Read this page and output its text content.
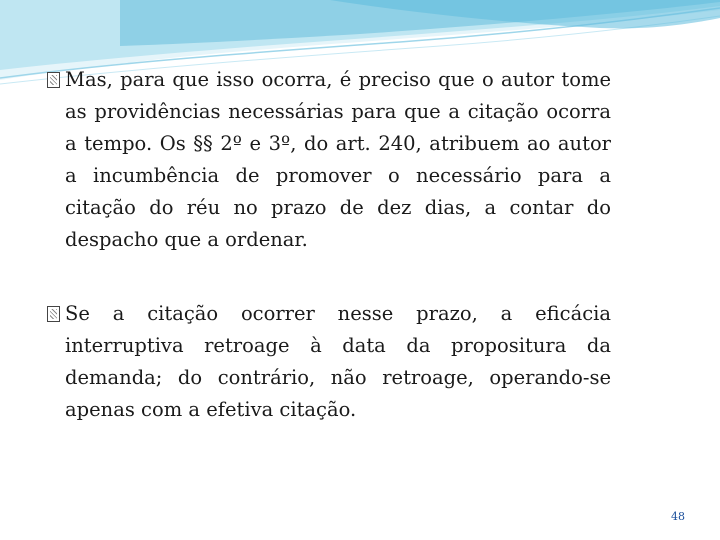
Mas, para que isso ocorra, é preciso que o autor tome as providências necessárias para que a citação ocorra a tempo. Os §§ 2º e 3º, do art. 240, atribuem ao autor a incumbência de promover o necessário para a citação do réu no prazo de dez dias, a contar do despacho que a ordenar.
Se a citação ocorrer nesse prazo, a eficácia interruptiva retroage à data da propositura da demanda; do contrário, não retroage, operando-se apenas com a efetiva citação.
48
